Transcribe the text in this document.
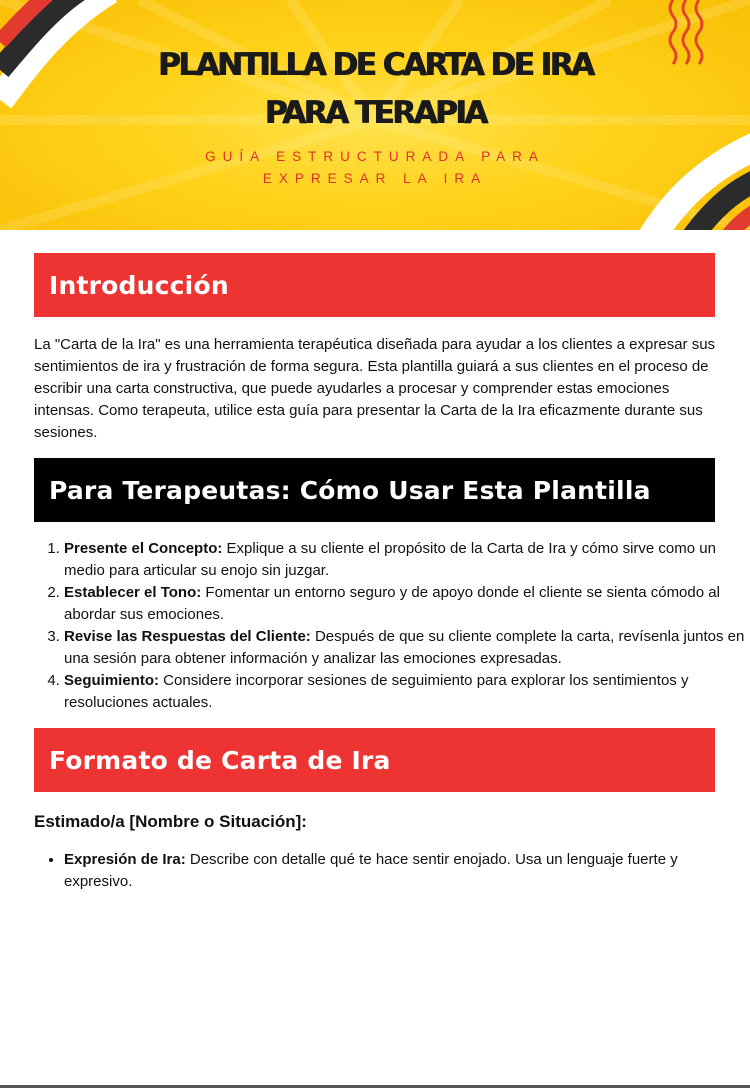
PLANTILLA DE CARTA DE IRA
PARA TERAPIA

GUÍA ESTRUCTURADA PARA

EXPRESAR LA IRA

Introducción

La "Carta de la Ira" es una herramienta terapéutica diseñada para ayudar a los clientes a expresar sus sentimientos de ira y frustración de forma segura. Esta plantilla guiará a sus clientes en el proceso de escribir una carta constructiva, que puede ayudarles a procesar y comprender estas emociones intensas. Como terapeuta, utilice esta guía para presentar la Carta de la Ira eficazmente durante sus sesiones.

Para Terapeutas: Cómo Usar Esta Plantilla
1. Presente el Concepto: Explique a su cliente el propósito de la Carta de Ira y cómo sirve como un medio para articular su enojo sin juzgar.
2. Establecer el Tono: Fomentar un entorno seguro y de apoyo donde el cliente se sienta cómodo al abordar sus emociones.
3. Revise las Respuestas del Cliente: Después de que su cliente complete la carta, revísenla juntos en una sesión para obtener información y analizar las emociones expresadas.
4. Seguimiento: Considere incorporar sesiones de seguimiento para explorar los sentimientos y resoluciones actuales.
Formato de Carta de Ira

Estimado/a [Nombre o Situación]:

• Expresión de Ira: Describe con detalle qué te hace sentir enojado. Usa un lenguaje fuerte y expresivo.
